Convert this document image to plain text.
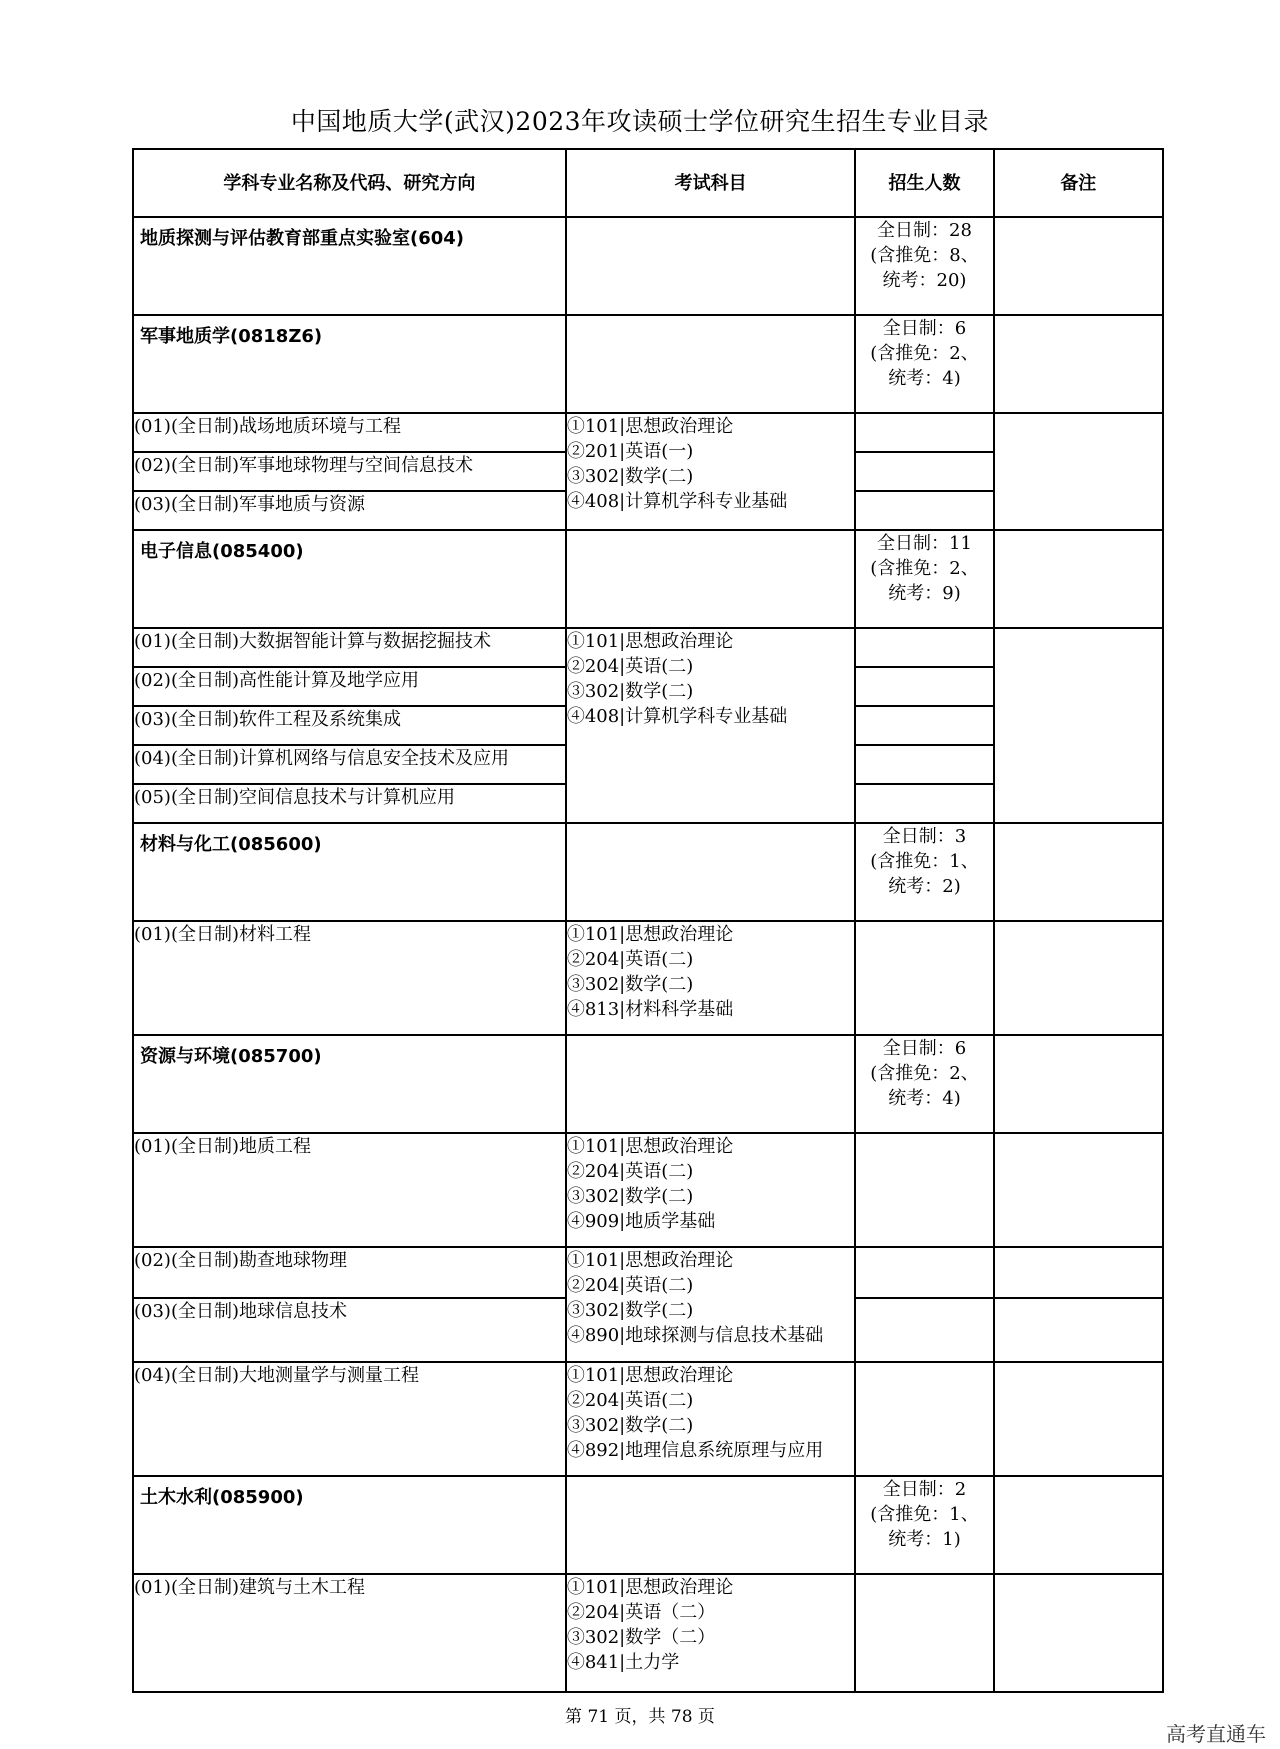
中国地质大学(武汉)2023年攻读硕士学位研究生招生专业目录
学科专业名称及代码、研究方向	考试科目	招生人数	备注
地质探测与评估教育部重点实验室(604)		全日制：28
(含推免：8、
统考：20)	

军事地质学(0818Z6)		全日制：6
(含推免：2、
统考：4)	

(01)(全日制)战场地质环境与工程	①101|思想政治理论
②201|英语(一)
③302|数学(二)
④408|计算机学科专业基础		

(02)(全日制)军事地球物理与空间信息技术			
(03)(全日制)军事地质与资源			
电子信息(085400)		全日制：11
(含推免：2、
统考：9)	

(01)(全日制)大数据智能计算与数据挖掘技术	①101|思想政治理论
②204|英语(二)
③302|数学(二)
④408|计算机学科专业基础		

(02)(全日制)高性能计算及地学应用			
(03)(全日制)软件工程及系统集成			
(04)(全日制)计算机网络与信息安全技术及应用			
(05)(全日制)空间信息技术与计算机应用			
材料与化工(085600)		全日制：3
(含推免：1、
统考：2)	

(01)(全日制)材料工程	①101|思想政治理论
②204|英语(二)
③302|数学(二)
④813|材料科学基础		

资源与环境(085700)		全日制：6
(含推免：2、
统考：4)	

(01)(全日制)地质工程	①101|思想政治理论
②204|英语(二)
③302|数学(二)
④909|地质学基础		

(02)(全日制)勘查地球物理	①101|思想政治理论
②204|英语(二)
③302|数学(二)
④890|地球探测与信息技术基础		

(03)(全日制)地球信息技术			
(04)(全日制)大地测量学与测量工程	①101|思想政治理论
②204|英语(二)
③302|数学(二)
④892|地理信息系统原理与应用		

土木水利(085900)		全日制：2
(含推免：1、
统考：1)	

(01)(全日制)建筑与土木工程	①101|思想政治理论
②204|英语（二）
③302|数学（二）
④841|土力学		

第 71 页，共 78 页
高考直通车
